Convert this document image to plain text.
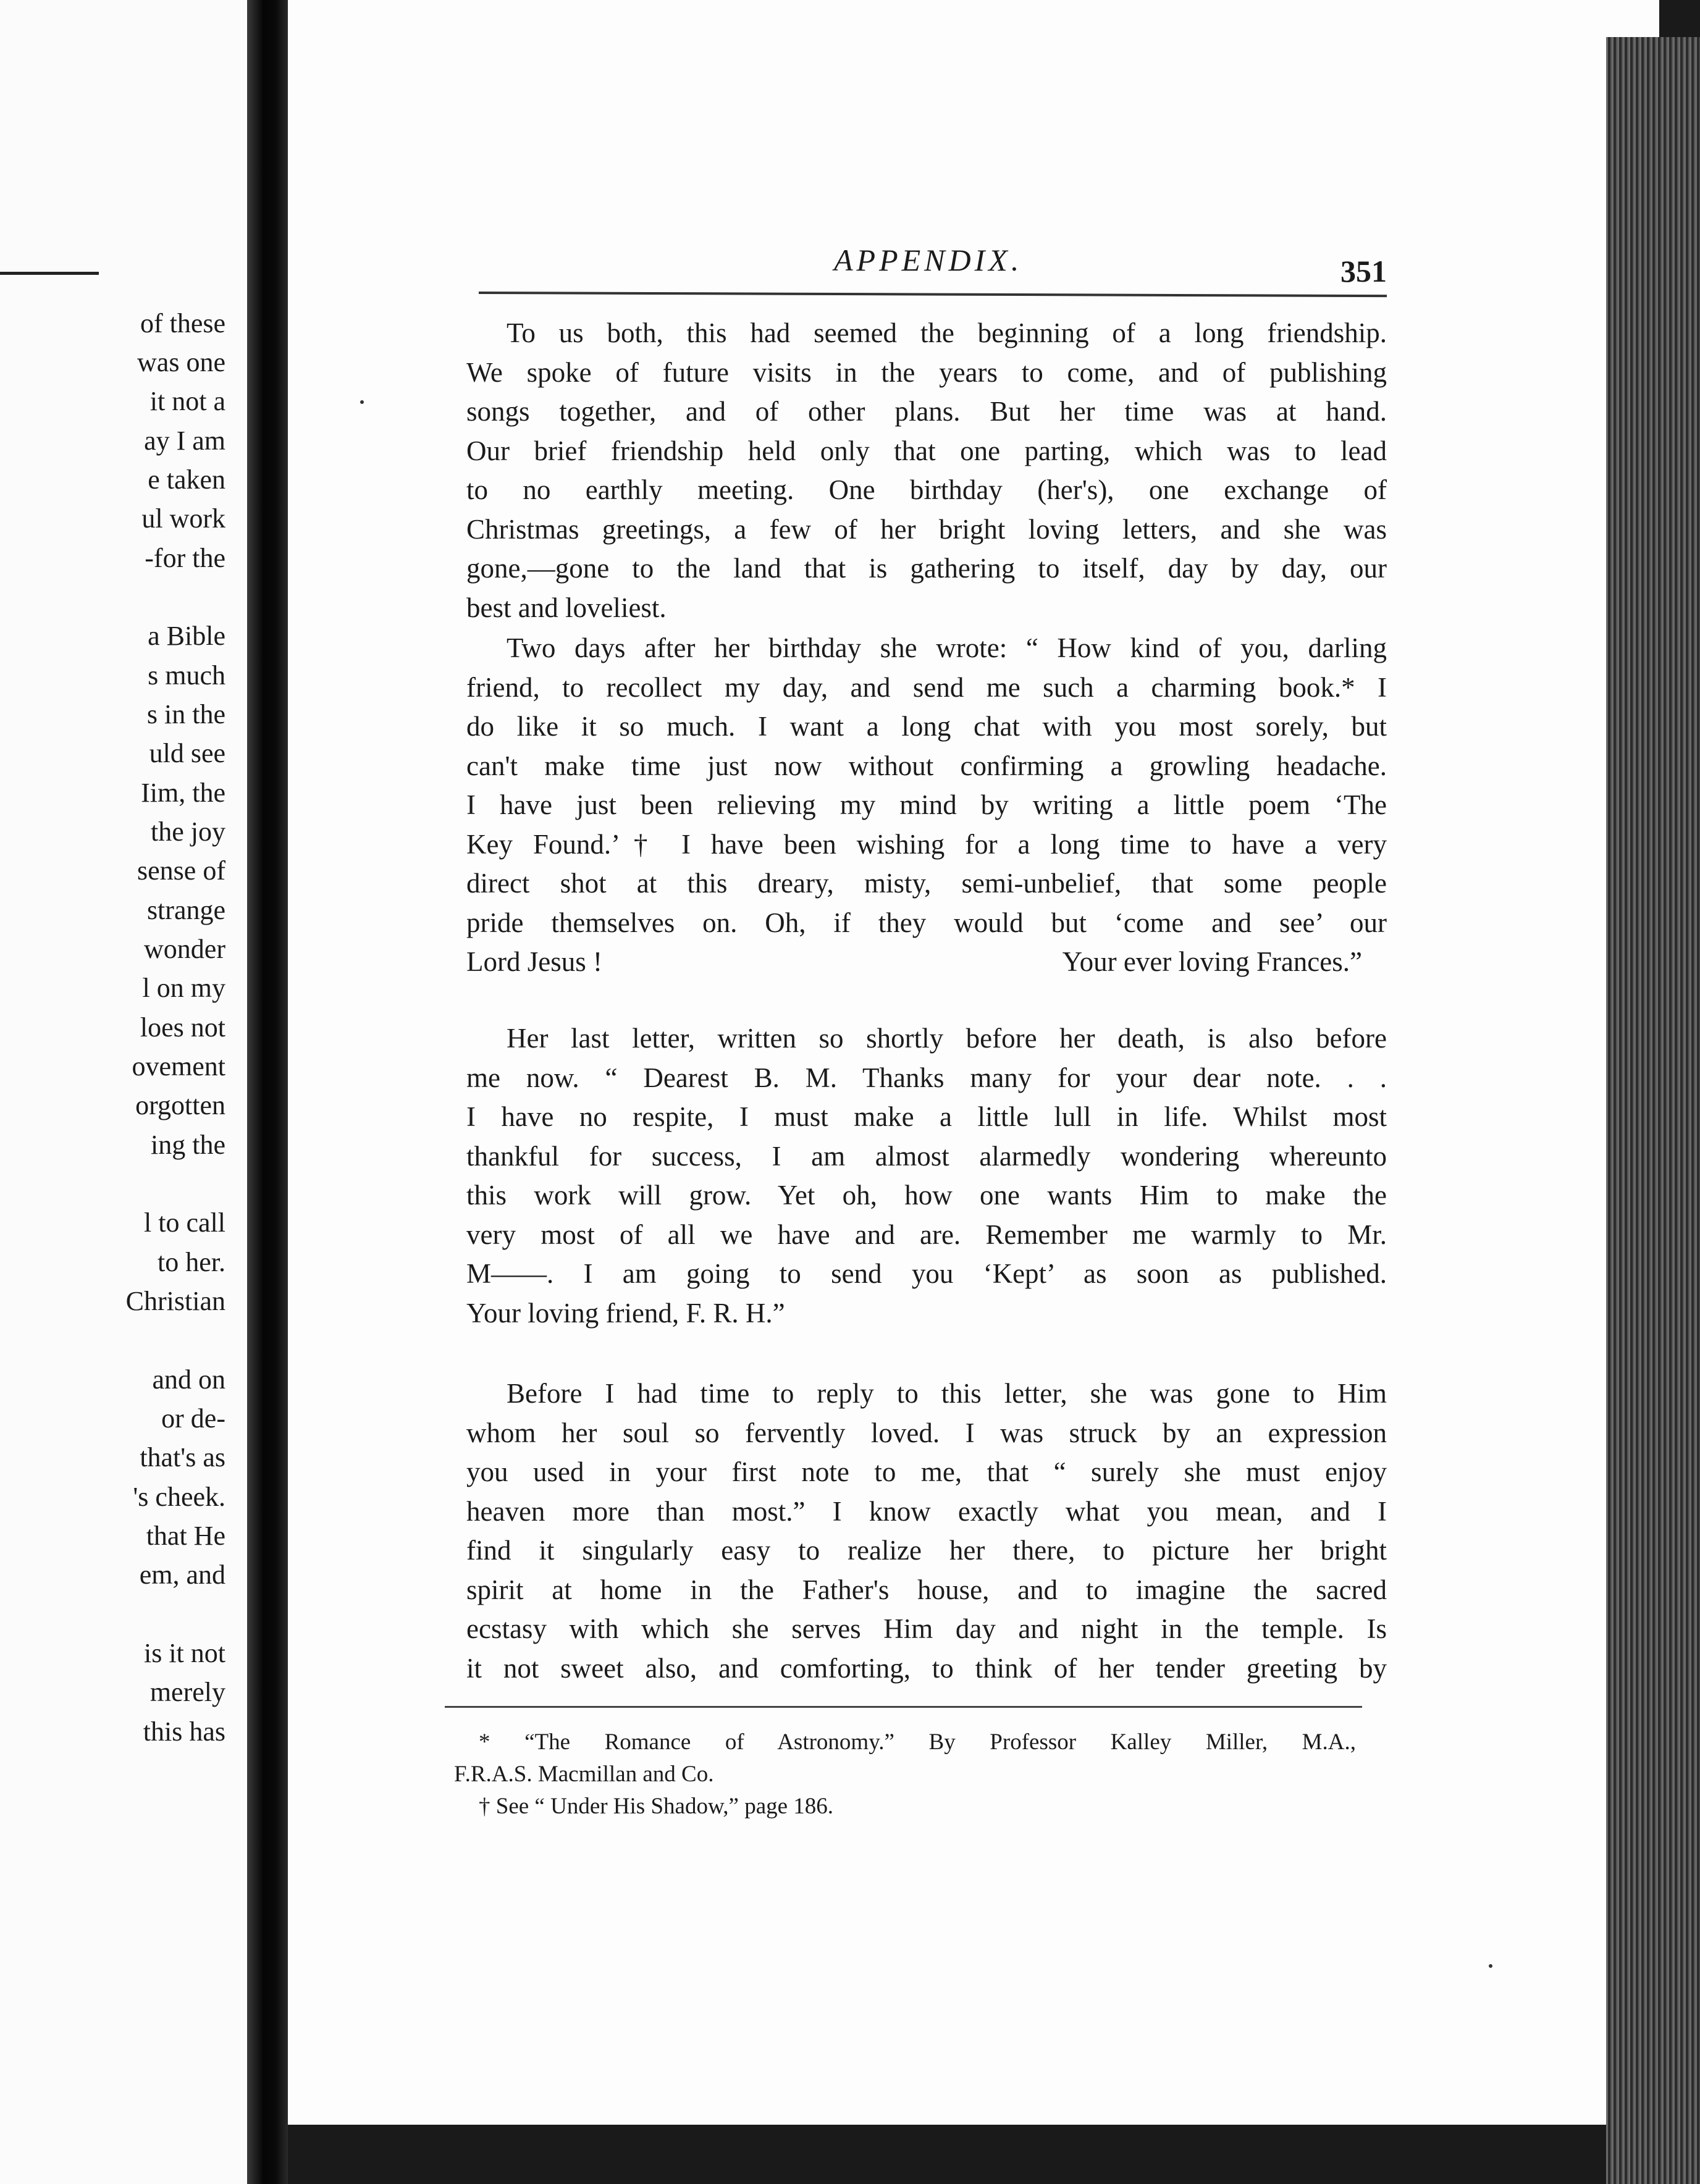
of these
was one
it not a
ay I am
e taken
ul work
-for the
a Bible
s much
s in the
uld see
Iim, the
the joy
sense of
strange
wonder
l on my
loes not
ovement
orgotten
ing the
l to call
to her.
Christian
and on
or de-
that's as
's cheek.
that He
em, and
is it not
merely
this has
APPENDIX.	351
To us both, this had seemed the beginning of a long friendship.
We spoke of future visits in the years to come, and of publishing
songs together, and of other plans. But her time was at hand.
Our brief friendship held only that one parting, which was to lead
to no earthly meeting. One birthday (her's), one exchange of
Christmas greetings, a few of her bright loving letters, and she was
gone,—gone to the land that is gathering to itself, day by day, our
best and loveliest.
Two days after her birthday she wrote: “ How kind of you, darling
friend, to recollect my day, and send me such a charming book.* I
do like it so much. I want a long chat with you most sorely, but
can't make time just now without confirming a growling headache.
I have just been relieving my mind by writing a little poem ‘The
Key Found.’† I have been wishing for a long time to have a very
direct shot at this dreary, misty, semi-unbelief, that some people
pride themselves on. Oh, if they would but ‘come and see’ our
Lord Jesus !	Your ever loving Frances.”
Her last letter, written so shortly before her death, is also before
me now. “ Dearest B. M. Thanks many for your dear note. . .
I have no respite, I must make a little lull in life. Whilst most
thankful for success, I am almost alarmedly wondering whereunto
this work will grow. Yet oh, how one wants Him to make the
very most of all we have and are. Remember me warmly to Mr.
M——. I am going to send you ‘Kept’ as soon as published.
Your loving friend, F. R. H.”
Before I had time to reply to this letter, she was gone to Him
whom her soul so fervently loved. I was struck by an expression
you used in your first note to me, that “ surely she must enjoy
heaven more than most.” I know exactly what you mean, and I
find it singularly easy to realize her there, to picture her bright
spirit at home in the Father's house, and to imagine the sacred
ecstasy with which she serves Him day and night in the temple. Is
it not sweet also, and comforting, to think of her tender greeting by
* “The Romance of Astronomy.” By Professor Kalley Miller, M.A.,
F.R.A.S. Macmillan and Co.
† See “ Under His Shadow,” page 186.
